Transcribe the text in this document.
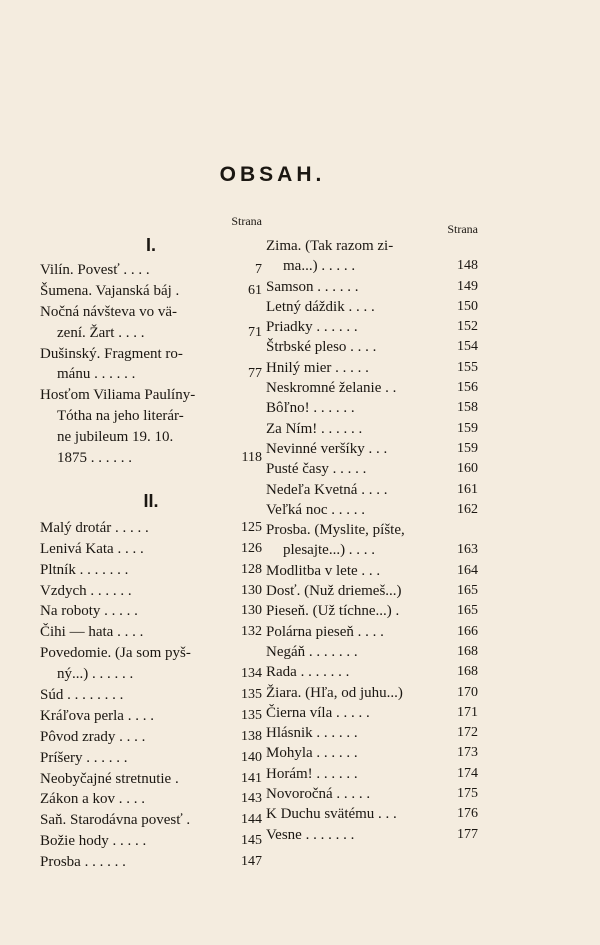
OBSAH.
Strana
I.
Vilín. Povesť . . . .	7
Šumena. Vajanská báj .	61
Nočná návšteva vo vä-
zení. Žart . . . .	71
Dušinský. Fragment ro-
mánu . . . . . .	77
Hosťom Viliama Paulíny-
Tótha na jeho literár-
ne jubileum 19. 10.
1875 . . . . . .	118
II.
Malý drotár . . . . .	125
Lenivá Kata . . . .	126
Pltník . . . . . . .	128
Vzdych . . . . . .	130
Na roboty . . . . .	130
Čihi — hata . . . .	132
Povedomie. (Ja som pyš-
ný...) . . . . . .	134
Súd . . . . . . . .	135
Kráľova perla . . . .	135
Pôvod zrady . . . .	138
Príšery . . . . . .	140
Neobyčajné stretnutie .	141
Zákon a kov . . . .	143
Saň. Starodávna povesť .	144
Božie hody . . . . .	145
Prosba . . . . . .	147
Strana
Zima. (Tak razom zi-
ma...) . . . . .	148
Samson . . . . . .	149
Letný dáždik . . . .	150
Priadky . . . . . .	152
Štrbské pleso . . . .	154
Hnilý mier . . . . .	155
Neskromné želanie . .	156
Bôľno! . . . . . .	158
Za Ním! . . . . . .	159
Nevinné veršíky . . .	159
Pusté časy . . . . .	160
Nedeľa Kvetná . . . .	161
Veľká noc . . . . .	162
Prosba. (Myslite, píšte,
plesajte...) . . . .	163
Modlitba v lete . . .	164
Dosť. (Nuž driemeš...)	165
Pieseň. (Už tíchne...) .	165
Polárna pieseň . . . .	166
Negáň . . . . . . .	168
Rada . . . . . . .	168
Žiara. (Hľa, od juhu...)	170
Čierna víla . . . . .	171
Hlásnik . . . . . .	172
Mohyla . . . . . .	173
Horám! . . . . . .	174
Novoročná . . . . .	175
K Duchu svätému . . .	176
Vesne . . . . . . .	177
